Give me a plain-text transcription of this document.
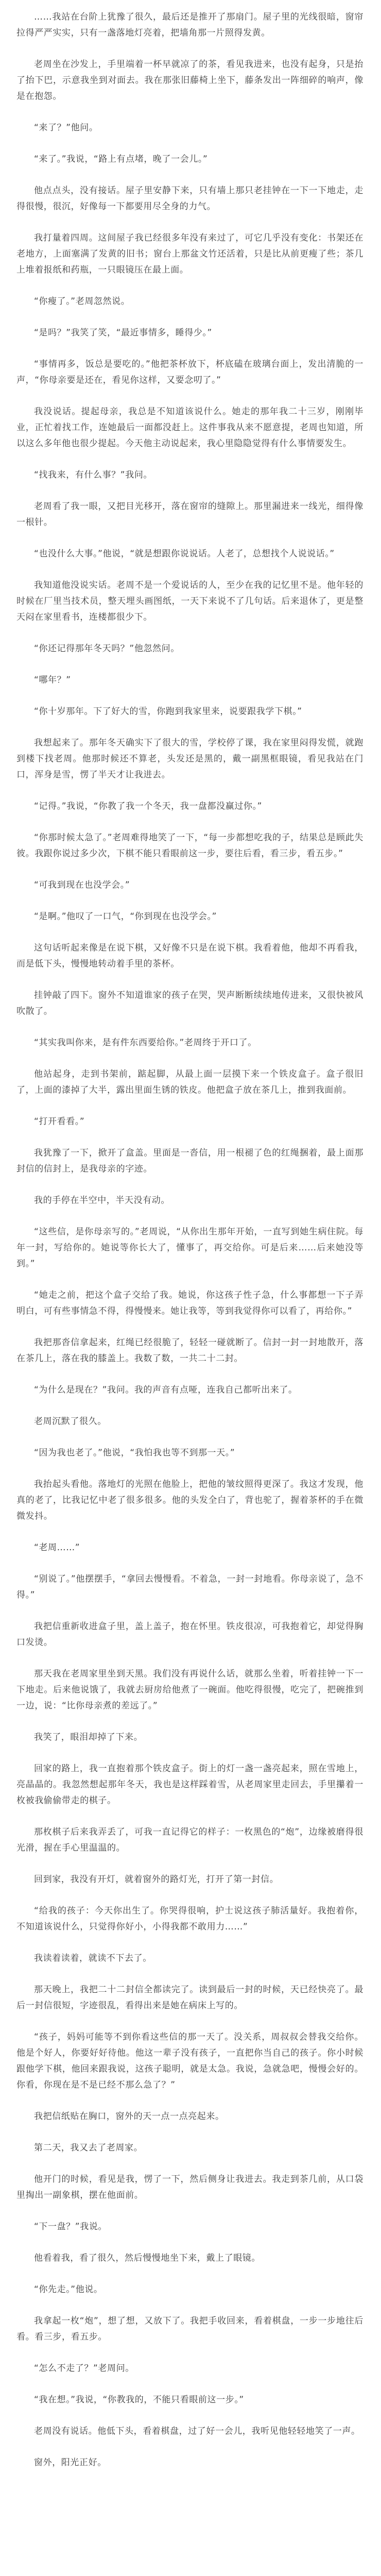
……我站在台阶上犹豫了很久，最后还是推开了那扇门。屋子里的光线很暗，窗帘拉得严严实实，只有一盏落地灯亮着，把墙角那一片照得发黄。

老周坐在沙发上，手里端着一杯早就凉了的茶，看见我进来，也没有起身，只是抬了抬下巴，示意我坐到对面去。我在那张旧藤椅上坐下，藤条发出一阵细碎的响声，像是在抱怨。

“来了？”他问。

“来了。”我说，“路上有点堵，晚了一会儿。”

他点点头，没有接话。屋子里安静下来，只有墙上那只老挂钟在一下一下地走，走得很慢，很沉，好像每一下都要用尽全身的力气。

我打量着四周。这间屋子我已经很多年没有来过了，可它几乎没有变化：书架还在老地方，上面塞满了发黄的旧书；窗台上那盆文竹还活着，只是比从前更瘦了些；茶几上堆着报纸和药瓶，一只眼镜压在最上面。

“你瘦了。”老周忽然说。

“是吗？”我笑了笑，“最近事情多，睡得少。”

“事情再多，饭总是要吃的。”他把茶杯放下，杯底磕在玻璃台面上，发出清脆的一声，“你母亲要是还在，看见你这样，又要念叨了。”

我没说话。提起母亲，我总是不知道该说什么。她走的那年我二十三岁，刚刚毕业，正忙着找工作，连她最后一面都没赶上。这件事我从来不愿意提，老周也知道，所以这么多年他也很少提起。今天他主动说起来，我心里隐隐觉得有什么事情要发生。

“找我来，有什么事？”我问。

老周看了我一眼，又把目光移开，落在窗帘的缝隙上。那里漏进来一线光，细得像一根针。

“也没什么大事。”他说，“就是想跟你说说话。人老了，总想找个人说说话。”

我知道他没说实话。老周不是一个爱说话的人，至少在我的记忆里不是。他年轻的时候在厂里当技术员，整天埋头画图纸，一天下来说不了几句话。后来退休了，更是整天闷在家里看书，连楼都很少下。

“你还记得那年冬天吗？”他忽然问。

“哪年？”

“你十岁那年。下了好大的雪，你跑到我家里来，说要跟我学下棋。”

我想起来了。那年冬天确实下了很大的雪，学校停了课，我在家里闷得发慌，就跑到楼下找老周。他那时候还不算老，头发还是黑的，戴一副黑框眼镜，看见我站在门口，浑身是雪，愣了半天才让我进去。

“记得。”我说，“你教了我一个冬天，我一盘都没赢过你。”

“你那时候太急了。”老周难得地笑了一下，“每一步都想吃我的子，结果总是顾此失彼。我跟你说过多少次，下棋不能只看眼前这一步，要往后看，看三步，看五步。”

“可我到现在也没学会。”

“是啊。”他叹了一口气，“你到现在也没学会。”

这句话听起来像是在说下棋，又好像不只是在说下棋。我看着他，他却不再看我，而是低下头，慢慢地转动着手里的茶杯。

挂钟敲了四下。窗外不知道谁家的孩子在哭，哭声断断续续地传进来，又很快被风吹散了。

“其实我叫你来，是有件东西要给你。”老周终于开口了。

他站起身，走到书架前，踮起脚，从最上面一层摸下来一个铁皮盒子。盒子很旧了，上面的漆掉了大半，露出里面生锈的铁皮。他把盒子放在茶几上，推到我面前。

“打开看看。”

我犹豫了一下，掀开了盒盖。里面是一沓信，用一根褪了色的红绳捆着，最上面那封信的信封上，是我母亲的字迹。

我的手停在半空中，半天没有动。

“这些信，是你母亲写的。”老周说，“从你出生那年开始，一直写到她生病住院。每年一封，写给你的。她说等你长大了，懂事了，再交给你。可是后来……后来她没等到。”

“她走之前，把这个盒子交给了我。她说，你这孩子性子急，什么事都想一下子弄明白，可有些事情急不得，得慢慢来。她让我等，等到我觉得你可以看了，再给你。”

我把那沓信拿起来，红绳已经很脆了，轻轻一碰就断了。信封一封一封地散开，落在茶几上，落在我的膝盖上。我数了数，一共二十二封。

“为什么是现在？”我问。我的声音有点哑，连我自己都听出来了。

老周沉默了很久。

“因为我也老了。”他说，“我怕我也等不到那一天。”

我抬起头看他。落地灯的光照在他脸上，把他的皱纹照得更深了。我这才发现，他真的老了，比我记忆中老了很多很多。他的头发全白了，背也驼了，握着茶杯的手在微微发抖。

“老周……”

“别说了。”他摆摆手，“拿回去慢慢看。不着急，一封一封地看。你母亲说了，急不得。”

我把信重新收进盒子里，盖上盖子，抱在怀里。铁皮很凉，可我抱着它，却觉得胸口发烫。

那天我在老周家里坐到天黑。我们没有再说什么话，就那么坐着，听着挂钟一下一下地走。后来他说饿了，我就去厨房给他煮了一碗面。他吃得很慢，吃完了，把碗推到一边，说：“比你母亲煮的差远了。”

我笑了，眼泪却掉了下来。

回家的路上，我一直抱着那个铁皮盒子。街上的灯一盏一盏亮起来，照在雪地上，亮晶晶的。我忽然想起那年冬天，我也是这样踩着雪，从老周家里走回去，手里攥着一枚被我偷偷带走的棋子。

那枚棋子后来我弄丢了，可我一直记得它的样子：一枚黑色的“炮”，边缘被磨得很光滑，握在手心里温温的。

回到家，我没有开灯，就着窗外的路灯光，打开了第一封信。

“给我的孩子：今天你出生了。你哭得很响，护士说这孩子肺活量好。我抱着你，不知道该说什么，只觉得你好小，小得我都不敢用力……”

我读着读着，就读不下去了。

那天晚上，我把二十二封信全都读完了。读到最后一封的时候，天已经快亮了。最后一封信很短，字迹很乱，看得出来是她在病床上写的。

“孩子，妈妈可能等不到你看这些信的那一天了。没关系，周叔叔会替我交给你。他是个好人，你要好好待他。他这一辈子没有孩子，一直把你当自己的孩子。你小时候跟他学下棋，他回来跟我说，这孩子聪明，就是太急。我说，急就急吧，慢慢会好的。你看，你现在是不是已经不那么急了？”

我把信纸贴在胸口，窗外的天一点一点亮起来。

第二天，我又去了老周家。

他开门的时候，看见是我，愣了一下，然后侧身让我进去。我走到茶几前，从口袋里掏出一副象棋，摆在他面前。

“下一盘？”我说。

他看着我，看了很久，然后慢慢地坐下来，戴上了眼镜。

“你先走。”他说。

我拿起一枚“炮”，想了想，又放下了。我把手收回来，看着棋盘，一步一步地往后看。看三步，看五步。

“怎么不走了？”老周问。

“我在想。”我说，“你教我的，不能只看眼前这一步。”

老周没有说话。他低下头，看着棋盘，过了好一会儿，我听见他轻轻地笑了一声。

窗外，阳光正好。
